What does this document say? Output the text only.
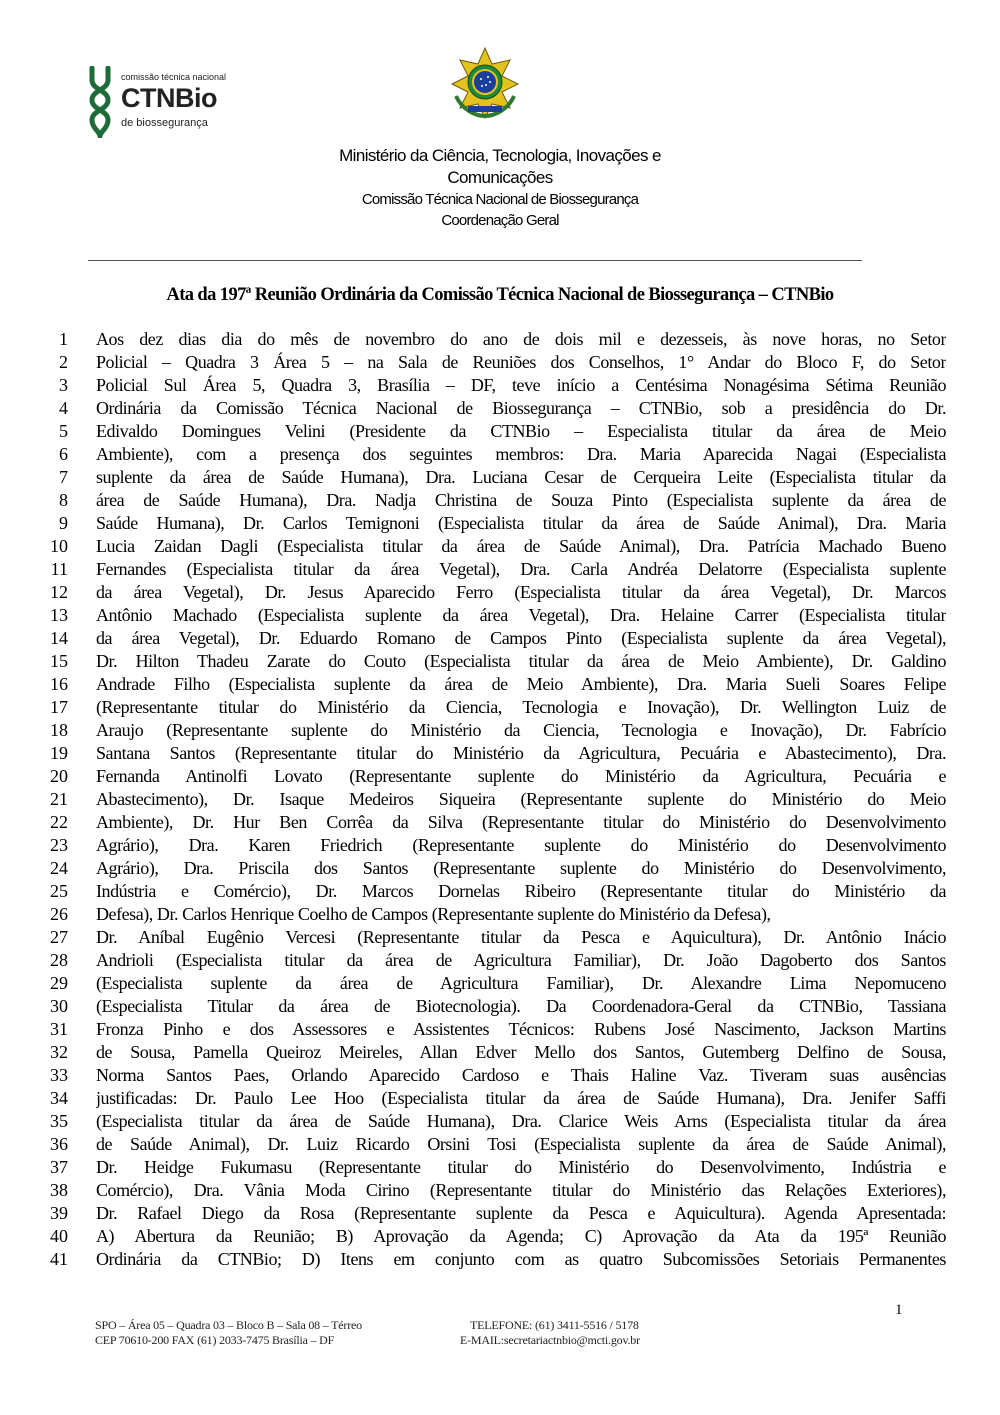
comissão técnica nacional
CTNBio
de biossegurança
Ministério da Ciência, Tecnologia, Inovações e
Comunicações
Comissão Técnica Nacional de Biossegurança
Coordenação Geral
Ata da 197ª Reunião Ordinária da Comissão Técnica Nacional de Biossegurança – CTNBio
1 Aos dez dias dia do mês de novembro do ano de dois mil e dezesseis, às nove horas, no Setor
2 Policial – Quadra 3 Área 5 – na Sala de Reuniões dos Conselhos, 1° Andar do Bloco F, do Setor
3 Policial Sul Área 5, Quadra 3, Brasília – DF, teve início a Centésima Nonagésima Sétima Reunião
4 Ordinária da Comissão Técnica Nacional de Biossegurança – CTNBio, sob a presidência do Dr.
5 Edivaldo Domingues Velini (Presidente da CTNBio – Especialista titular da área de Meio
6 Ambiente), com a presença dos seguintes membros: Dra. Maria Aparecida Nagai (Especialista
7 suplente da área de Saúde Humana), Dra. Luciana Cesar de Cerqueira Leite (Especialista titular da
8 área de Saúde Humana), Dra. Nadja Christina de Souza Pinto (Especialista suplente da área de
9 Saúde Humana), Dr. Carlos Temignoni (Especialista titular da área de Saúde Animal), Dra. Maria
10 Lucia Zaidan Dagli (Especialista titular da área de Saúde Animal), Dra. Patrícia Machado Bueno
11 Fernandes (Especialista titular da área Vegetal), Dra. Carla Andréa Delatorre (Especialista suplente
12 da área Vegetal), Dr. Jesus Aparecido Ferro (Especialista titular da área Vegetal), Dr. Marcos
13 Antônio Machado (Especialista suplente da área Vegetal), Dra. Helaine Carrer (Especialista titular
14 da área Vegetal), Dr. Eduardo Romano de Campos Pinto (Especialista suplente da área Vegetal),
15 Dr. Hilton Thadeu Zarate do Couto (Especialista titular da área de Meio Ambiente), Dr. Galdino
16 Andrade Filho (Especialista suplente da área de Meio Ambiente), Dra. Maria Sueli Soares Felipe
17 (Representante titular do Ministério da Ciencia, Tecnologia e Inovação), Dr. Wellington Luiz de
18 Araujo (Representante suplente do Ministério da Ciencia, Tecnologia e Inovação), Dr. Fabrício
19 Santana Santos (Representante titular do Ministério da Agricultura, Pecuária e Abastecimento), Dra.
20 Fernanda Antinolfi Lovato (Representante suplente do Ministério da Agricultura, Pecuária e
21 Abastecimento), Dr. Isaque Medeiros Siqueira (Representante suplente do Ministério do Meio
22 Ambiente), Dr. Hur Ben Corrêa da Silva (Representante titular do Ministério do Desenvolvimento
23 Agrário), Dra. Karen Friedrich (Representante suplente do Ministério do Desenvolvimento
24 Agrário), Dra. Priscila dos Santos (Representante suplente do Ministério do Desenvolvimento,
25 Indústria e Comércio), Dr. Marcos Dornelas Ribeiro (Representante titular do Ministério da
26 Defesa), Dr. Carlos Henrique Coelho de Campos (Representante suplente do Ministério da Defesa),
27 Dr. Aníbal Eugênio Vercesi (Representante titular da Pesca e Aquicultura), Dr. Antônio Inácio
28 Andrioli (Especialista titular da área de Agricultura Familiar), Dr. João Dagoberto dos Santos
29 (Especialista suplente da área de Agricultura Familiar), Dr. Alexandre Lima Nepomuceno
30 (Especialista Titular da área de Biotecnologia). Da Coordenadora-Geral da CTNBio, Tassiana
31 Fronza Pinho e dos Assessores e Assistentes Técnicos: Rubens José Nascimento, Jackson Martins
32 de Sousa, Pamella Queiroz Meireles, Allan Edver Mello dos Santos, Gutemberg Delfino de Sousa,
33 Norma Santos Paes, Orlando Aparecido Cardoso e Thais Haline Vaz. Tiveram suas ausências
34 justificadas: Dr. Paulo Lee Hoo (Especialista titular da área de Saúde Humana), Dra. Jenifer Saffi
35 (Especialista titular da área de Saúde Humana), Dra. Clarice Weis Arns (Especialista titular da área
36 de Saúde Animal), Dr. Luiz Ricardo Orsini Tosi (Especialista suplente da área de Saúde Animal),
37 Dr. Heidge Fukumasu (Representante titular do Ministério do Desenvolvimento, Indústria e
38 Comércio), Dra. Vânia Moda Cirino (Representante titular do Ministério das Relações Exteriores),
39 Dr. Rafael Diego da Rosa (Representante suplente da Pesca e Aquicultura). Agenda Apresentada:
40 A) Abertura da Reunião; B) Aprovação da Agenda; C) Aprovação da Ata da 195ª Reunião
41 Ordinária da CTNBio; D) Itens em conjunto com as quatro Subcomissões Setoriais Permanentes
1
SPO – Área 05 – Quadra 03 – Bloco B – Sala 08 – Térreo
CEP 70610-200 FAX (61) 2033-7475 Brasília – DF
TELEFONE: (61) 3411-5516 / 5178
E-MAIL:secretariactnbio@mcti.gov.br
